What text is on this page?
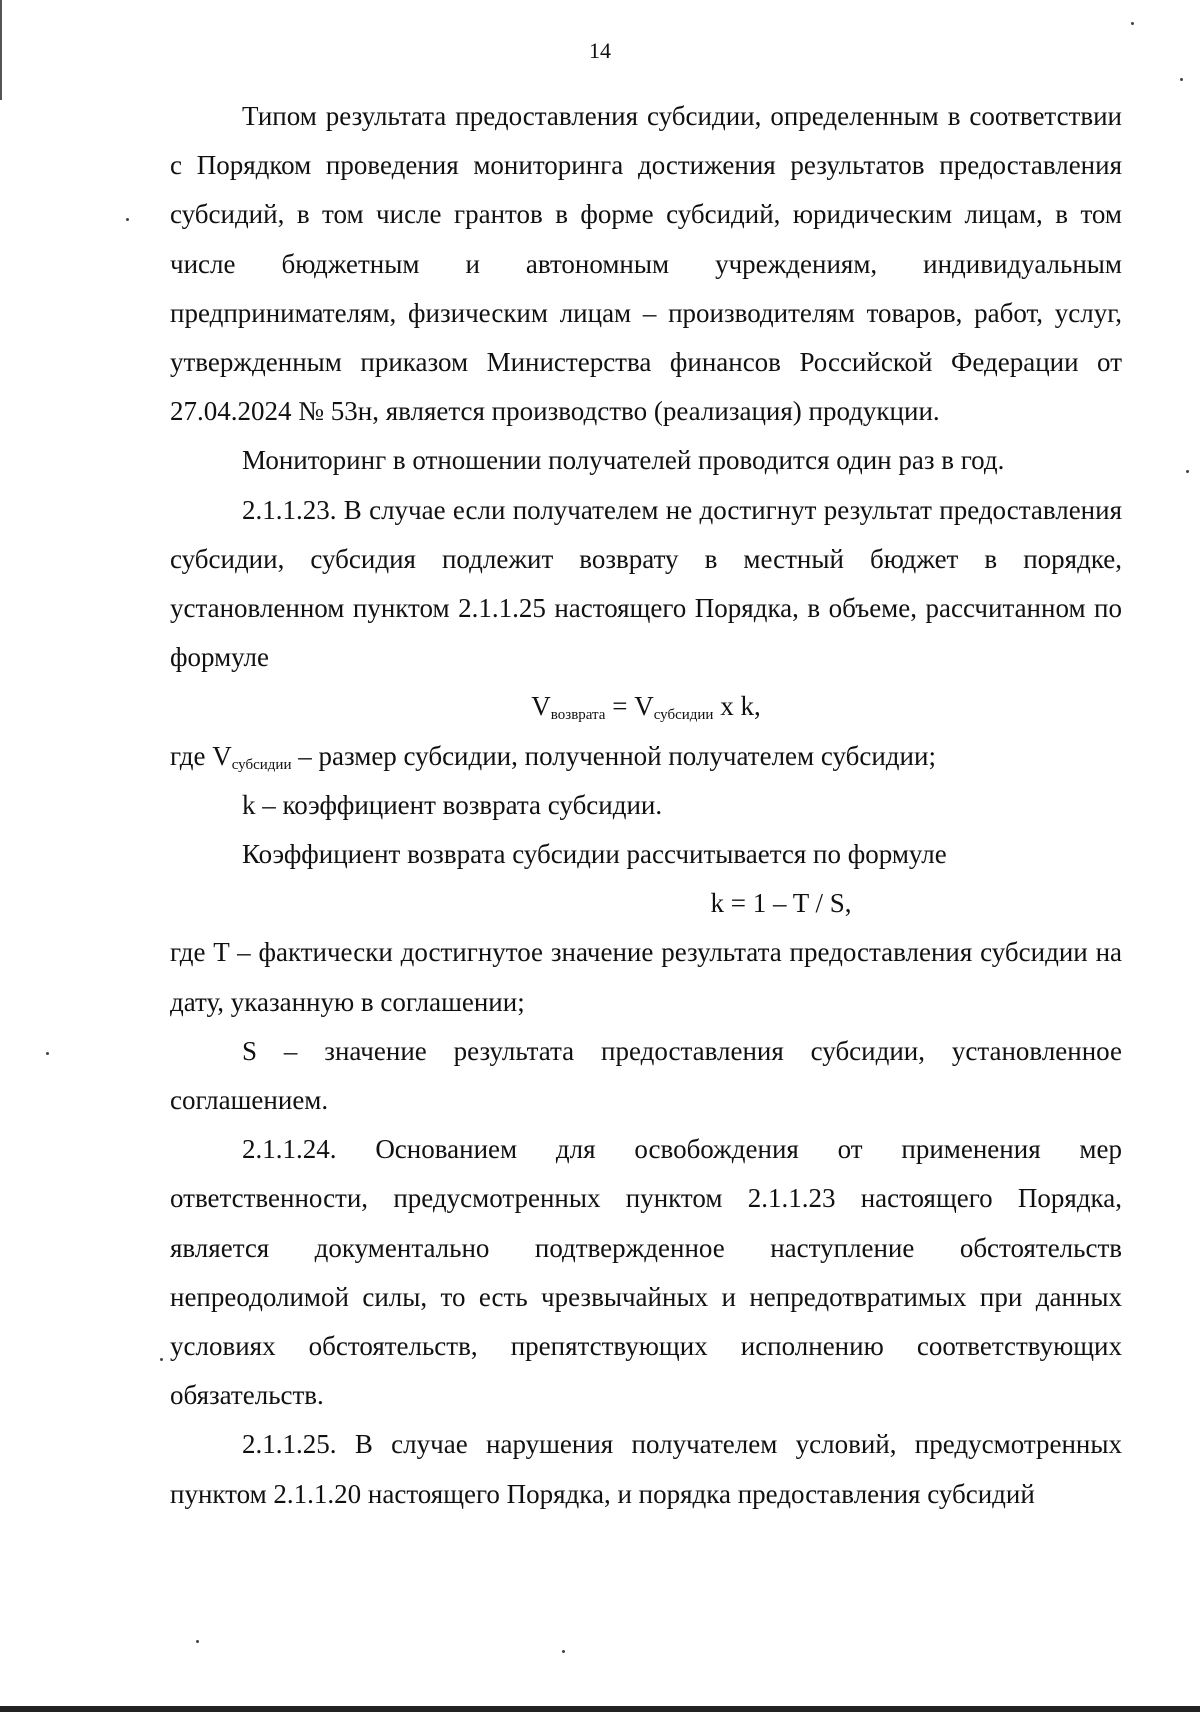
14

Типом результата предоставления субсидии, определенным в соответствии с Порядком проведения мониторинга достижения результатов предоставления субсидий, в том числе грантов в форме субсидий, юридическим лицам, в том числе бюджетным и автономным учреждениям, индивидуальным предпринимателям, физическим лицам – производителям товаров, работ, услуг, утвержденным приказом Министерства финансов Российской Федерации от 27.04.2024 № 53н, является производство (реализация) продукции.

Мониторинг в отношении получателей проводится один раз в год.

2.1.1.23. В случае если получателем не достигнут результат предоставления субсидии, субсидия подлежит возврату в местный бюджет в порядке, установленном пунктом 2.1.1.25 настоящего Порядка, в объеме, рассчитанном по формуле

$V_{возврата} = V_{субсидии}$ x k,

где $V_{субсидии}$ – размер субсидии, полученной получателем субсидии;

k – коэффициент возврата субсидии.

Коэффициент возврата субсидии рассчитывается по формуле

k = 1 – T / S,

где T – фактически достигнутое значение результата предоставления субсидии на дату, указанную в соглашении;

S – значение результата предоставления субсидии, установленное соглашением.

2.1.1.24. Основанием для освобождения от применения мер ответственности, предусмотренных пунктом 2.1.1.23 настоящего Порядка, является документально подтвержденное наступление обстоятельств непреодолимой силы, то есть чрезвычайных и непредотвратимых при данных условиях обстоятельств, препятствующих исполнению соответствующих обязательств.

2.1.1.25. В случае нарушения получателем условий, предусмотренных пунктом 2.1.1.20 настоящего Порядка, и порядка предоставления субсидий
